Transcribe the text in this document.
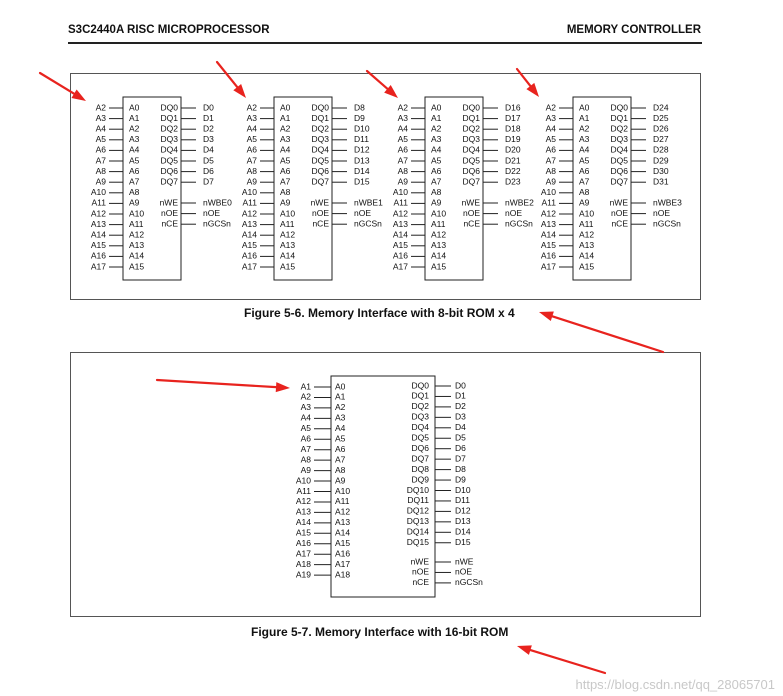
S3C2440A RISC MICROPROCESSOR	MEMORY CONTROLLER
A2	A0
A3	A1
A4	A2
A5	A3
A6	A4
A7	A5
A8	A6
A9	A7
A10	A8
A11	A9
A12	A10
A13	A11
A14	A12
A15	A13
A16	A14
A17	A15
DQ0	D0
DQ1	D1
DQ2	D2
DQ3	D3
DQ4	D4
DQ5	D5
DQ6	D6
DQ7	D7
nWE	nWBE0
nOE	nOE
nCE	nGCSn
A2	A0
A3	A1
A4	A2
A5	A3
A6	A4
A7	A5
A8	A6
A9	A7
A10	A8
A11	A9
A12	A10
A13	A11
A14	A12
A15	A13
A16	A14
A17	A15
DQ0	D8
DQ1	D9
DQ2	D10
DQ3	D11
DQ4	D12
DQ5	D13
DQ6	D14
DQ7	D15
nWE	nWBE1
nOE	nOE
nCE	nGCSn
A2	A0
A3	A1
A4	A2
A5	A3
A6	A4
A7	A5
A8	A6
A9	A7
A10	A8
A11	A9
A12	A10
A13	A11
A14	A12
A15	A13
A16	A14
A17	A15
DQ0	D16
DQ1	D17
DQ2	D18
DQ3	D19
DQ4	D20
DQ5	D21
DQ6	D22
DQ7	D23
nWE	nWBE2
nOE	nOE
nCE	nGCSn
A2	A0
A3	A1
A4	A2
A5	A3
A6	A4
A7	A5
A8	A6
A9	A7
A10	A8
A11	A9
A12	A10
A13	A11
A14	A12
A15	A13
A16	A14
A17	A15
DQ0	D24
DQ1	D25
DQ2	D26
DQ3	D27
DQ4	D28
DQ5	D29
DQ6	D30
DQ7	D31
nWE	nWBE3
nOE	nOE
nCE	nGCSn
A1	A0
A2	A1
A3	A2
A4	A3
A5	A4
A6	A5
A7	A6
A8	A7
A9	A8
A10	A9
A11	A10
A12	A11
A13	A12
A14	A13
A15	A14
A16	A15
A17	A16
A18	A17
A19	A18
DQ0	D0
DQ1	D1
DQ2	D2
DQ3	D3
DQ4	D4
DQ5	D5
DQ6	D6
DQ7	D7
DQ8	D8
DQ9	D9
DQ10	D10
DQ11	D11
DQ12	D12
DQ13	D13
DQ14	D14
DQ15	D15
nWE	nWE
nOE	nOE
nCE	nGCSn
Figure 5-6. Memory Interface with 8-bit ROM x 4
Figure 5-7. Memory Interface with 16-bit ROM
https://blog.csdn.net/qq_28065701
